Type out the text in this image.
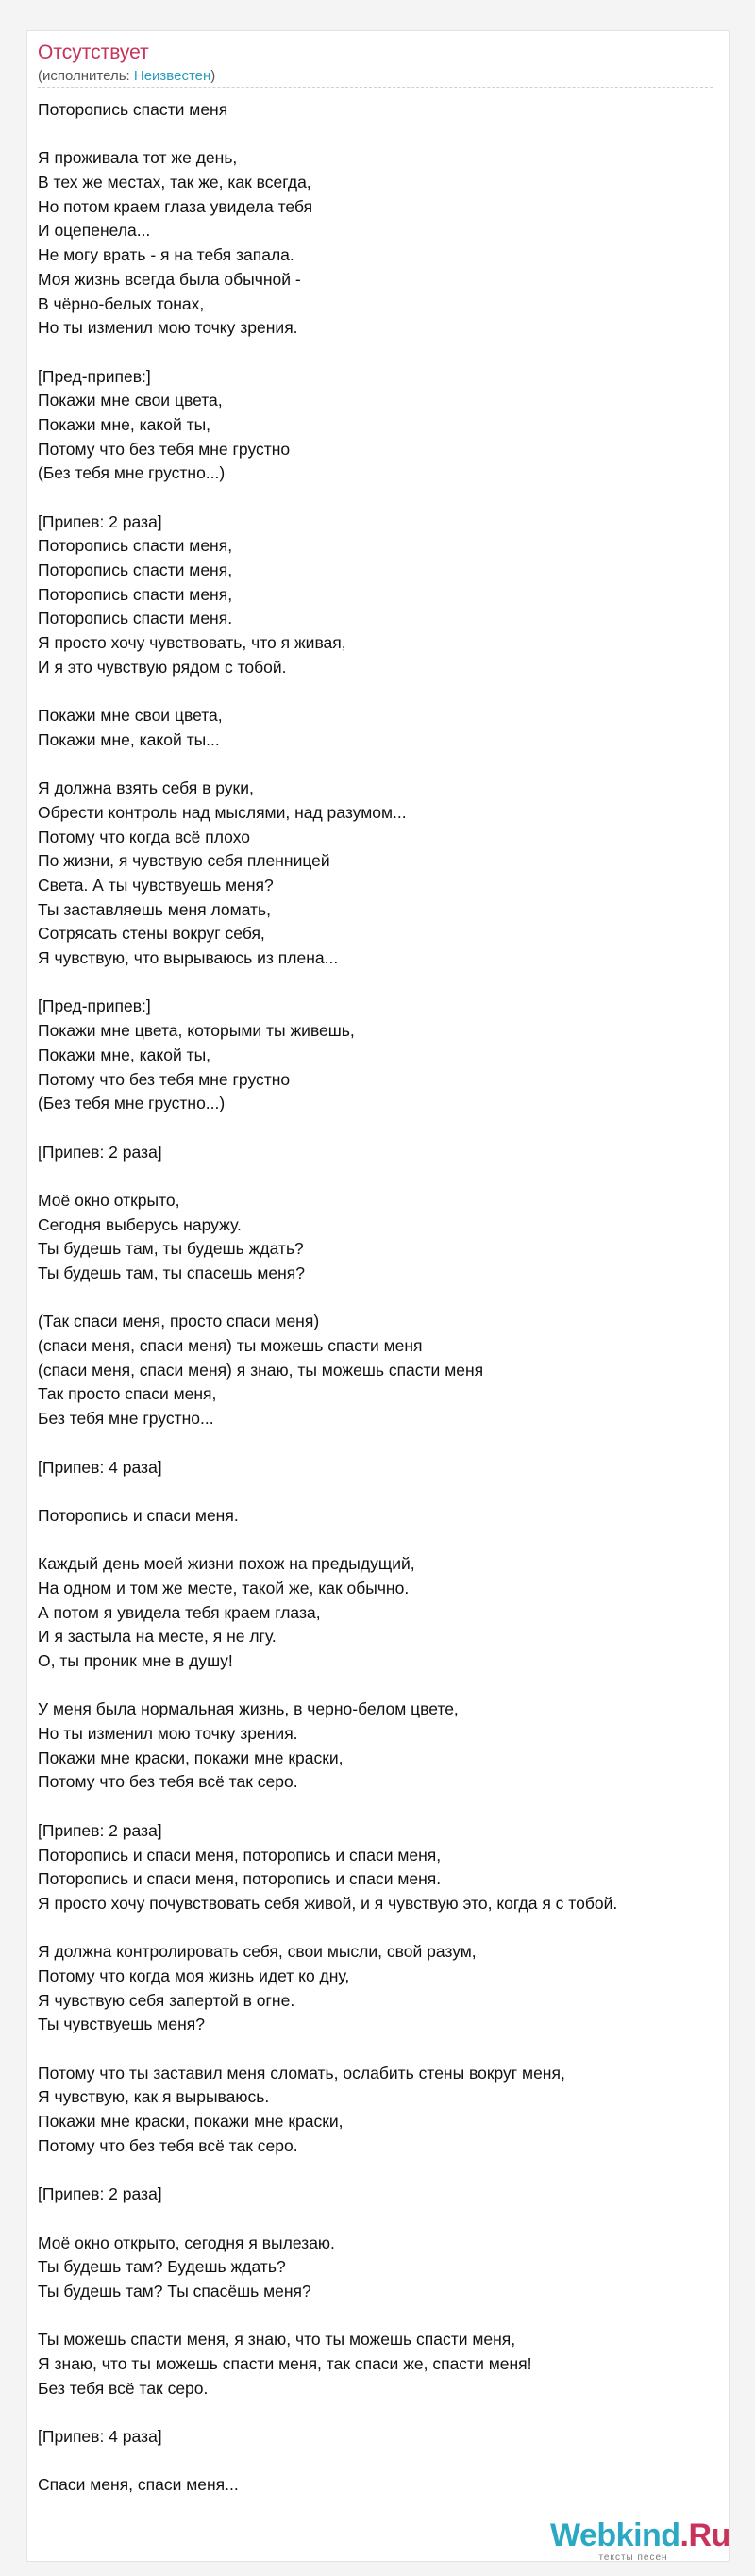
Отсутствует
(исполнитель: Неизвестен)
Поторопись спасти меня
Я проживала тот же день,
В тех же местах, так же, как всегда,
Но потом краем глаза увидела тебя
И оцепенела...
Не могу врать - я на тебя запала.
Моя жизнь всегда была обычной -
В чёрно-белых тонах,
Но ты изменил мою точку зрения.
[Пред-припев:]
Покажи мне свои цвета,
Покажи мне, какой ты,
Потому что без тебя мне грустно
(Без тебя мне грустно...)
[Припев: 2 раза]
Поторопись спасти меня,
Поторопись спасти меня,
Поторопись спасти меня,
Поторопись спасти меня.
Я просто хочу чувствовать, что я живая,
И я это чувствую рядом с тобой.
Покажи мне свои цвета,
Покажи мне, какой ты...
Я должна взять себя в руки,
Обрести контроль над мыслями, над разумом...
Потому что когда всё плохо
По жизни, я чувствую себя пленницей
Света. А ты чувствуешь меня?
Ты заставляешь меня ломать,
Сотрясать стены вокруг себя,
Я чувствую, что вырываюсь из плена...
[Пред-припев:]
Покажи мне цвета, которыми ты живешь,
Покажи мне, какой ты,
Потому что без тебя мне грустно
(Без тебя мне грустно...)
[Припев: 2 раза]
Моё окно открыто,
Сегодня выберусь наружу.
Ты будешь там, ты будешь ждать?
Ты будешь там, ты спасешь меня?
(Так спаси меня, просто спаси меня)
(спаси меня, спаси меня) ты можешь спасти меня
(спаси меня, спаси меня) я знаю, ты можешь спасти меня
Так просто спаси меня,
Без тебя мне грустно...
[Припев: 4 раза]
Поторопись и спаси меня.
Каждый день моей жизни похож на предыдущий,
На одном и том же месте, такой же, как обычно.
А потом я увидела тебя краем глаза,
И я застыла на месте, я не лгу.
О, ты проник мне в душу!
У меня была нормальная жизнь, в черно-белом цвете,
Но ты изменил мою точку зрения.
Покажи мне краски, покажи мне краски,
Потому что без тебя всё так серо.
[Припев: 2 раза]
Поторопись и спаси меня, поторопись и спаси меня,
Поторопись и спаси меня, поторопись и спаси меня.
Я просто хочу почувствовать себя живой, и я чувствую это, когда я с тобой.
Я должна контролировать себя, свои мысли, свой разум,
Потому что когда моя жизнь идет ко дну,
Я чувствую себя запертой в огне.
Ты чувствуешь меня?
Потому что ты заставил меня сломать, ослабить стены вокруг меня,
Я чувствую, как я вырываюсь.
Покажи мне краски, покажи мне краски,
Потому что без тебя всё так серо.
[Припев: 2 раза]
Моё окно открыто, сегодня я вылезаю.
Ты будешь там? Будешь ждать?
Ты будешь там? Ты спасёшь меня?
Ты можешь спасти меня, я знаю, что ты можешь спасти меня,
Я знаю, что ты можешь спасти меня, так спаси же, спасти меня!
Без тебя всё так серо.
[Припев: 4 раза]
Спаси меня, спаси меня...
Webkind.Ru
тексты песен
